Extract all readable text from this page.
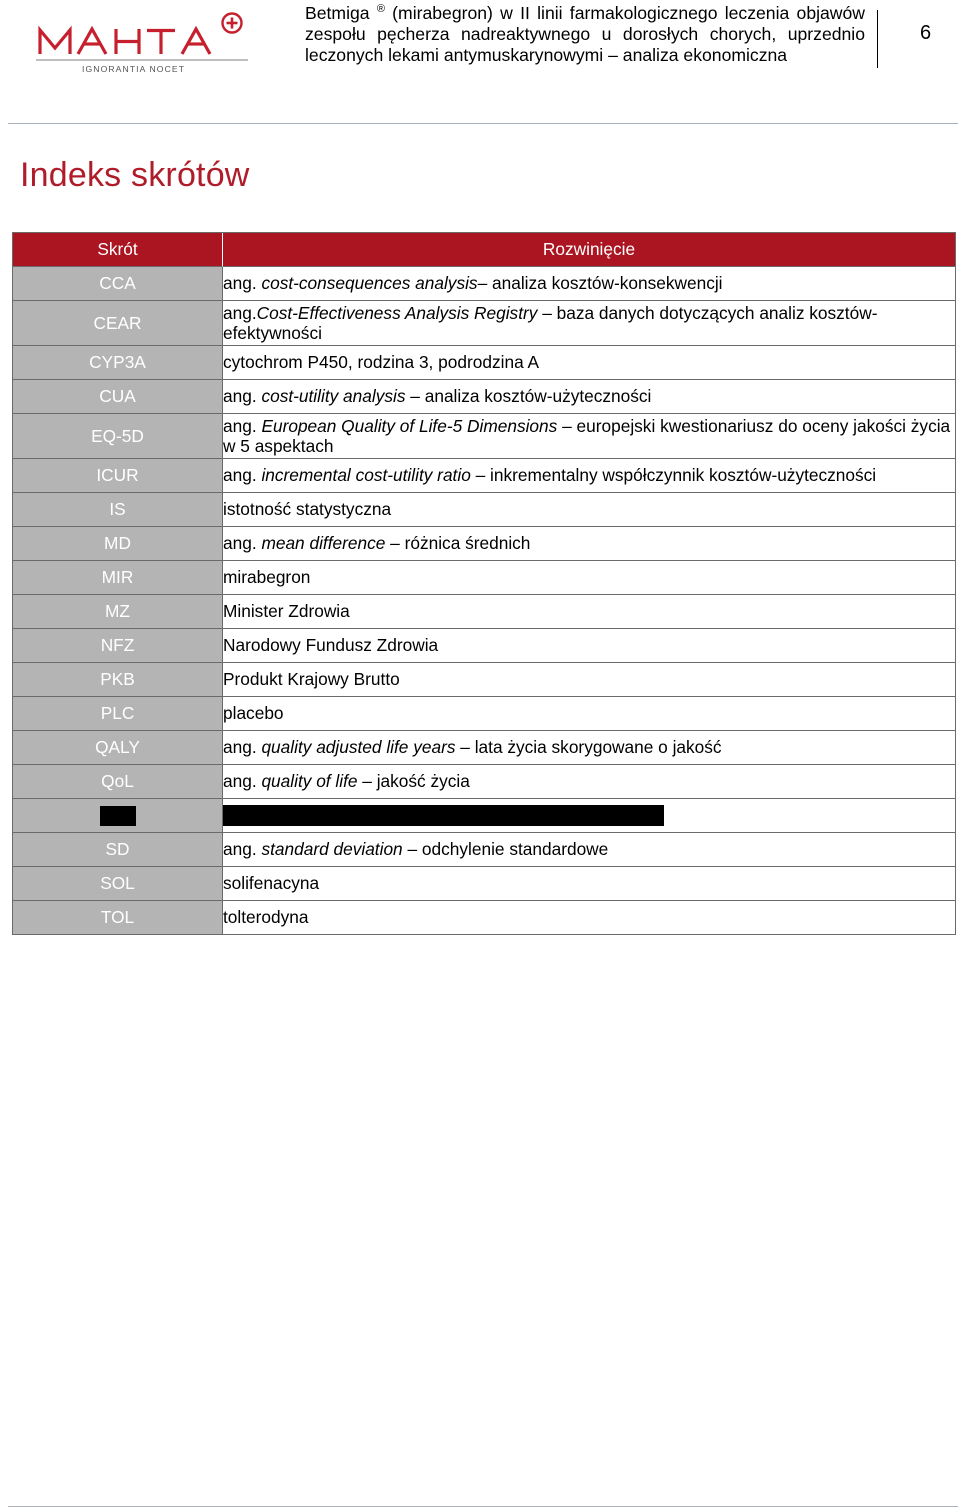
IGNORANTIA NOCET
Betmiga ® (mirabegron) w II linii farmakologicznego leczenia objawów zespołu pęcherza nadreaktywnego u dorosłych chorych, uprzednio leczonych lekami antymuskarynowymi – analiza ekonomiczna
6
Indeks skrótów
Skrót	Rozwinięcie
CCA	ang. cost-consequences analysis– analiza kosztów-konsekwencji
CEAR	ang.Cost-Effectiveness Analysis Registry – baza danych dotyczących analiz kosztów-efektywności
CYP3A	cytochrom P450, rodzina 3, podrodzina A
CUA	ang. cost-utility analysis – analiza kosztów-użyteczności
EQ-5D	ang. European Quality of Life-5 Dimensions – europejski kwestionariusz do oceny jakości życia w 5 aspektach
ICUR	ang. incremental cost-utility ratio – inkrementalny współczynnik kosztów-użyteczności
IS	istotność statystyczna
MD	ang. mean difference – różnica średnich
MIR	mirabegron
MZ	Minister Zdrowia
NFZ	Narodowy Fundusz Zdrowia
PKB	Produkt Krajowy Brutto
PLC	placebo
QALY	ang. quality adjusted life years – lata życia skorygowane o jakość
QoL	ang. quality of life – jakość życia

SD	ang. standard deviation – odchylenie standardowe
SOL	solifenacyna
TOL	tolterodyna
